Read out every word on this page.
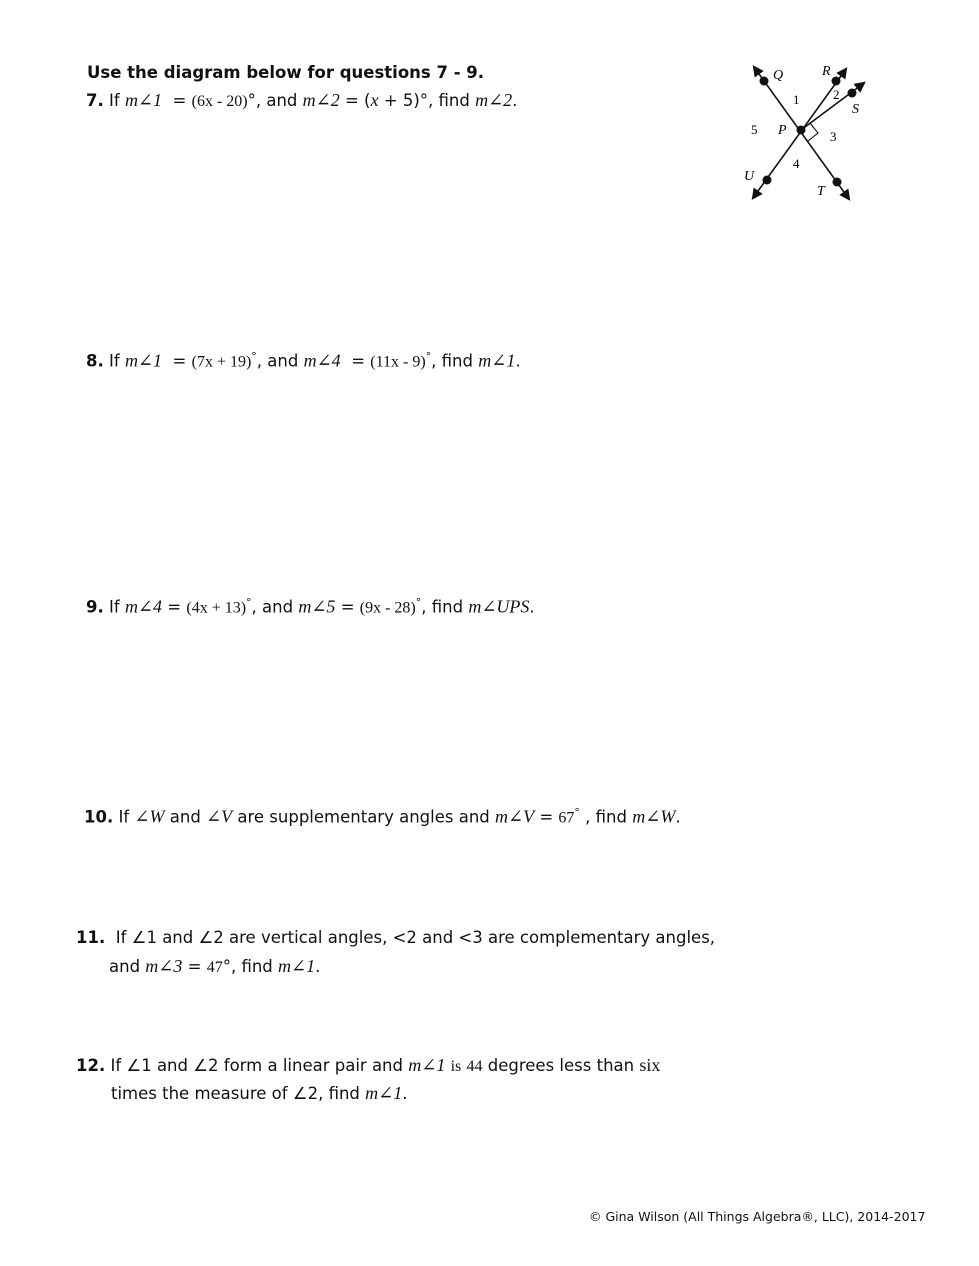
Use the diagram below for questions 7 - 9.
7. If m∠1 = (6x - 20)°, and m∠2 = (x + 5)°, find m∠2.
Q	R
S
P
U
T
1	2
3
4
5
8. If m∠1 = (7x + 19)°, and m∠4 = (11x - 9)°, find m∠1.
9. If m∠4 = (4x + 13)°, and m∠5 = (9x - 28)°, find m∠UPS.
10. If ∠W and ∠V are supplementary angles and m∠V = 67° , find m∠W.
11. If ∠1 and ∠2 are vertical angles, <2 and <3 are complementary angles,
and m∠3 = 47°, find m∠1.
12. If ∠1 and ∠2 form a linear pair and m∠1 is 44 degrees less than six
times the measure of ∠2, find m∠1.
© Gina Wilson (All Things Algebra®, LLC), 2014-2017
